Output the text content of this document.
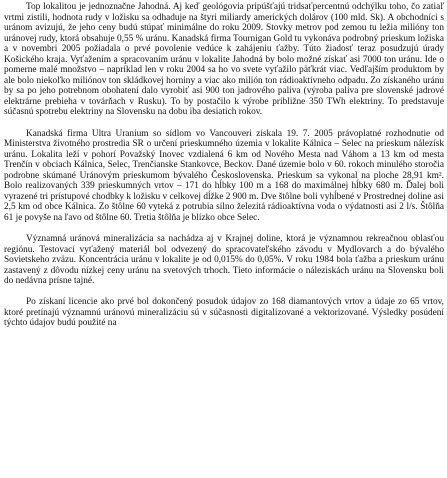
Top lokalitou je jednoznačne Jahodná. Aj keď geológovia pripúšťajú tridsaťpercentnú odchýlku toho, čo zatiaľ vrtmi zistili, hodnota rudy v ložisku sa odhaduje na štyri miliardy amerických dolárov (100 mld. Sk). A obchodníci s uránom avizujú, že jeho ceny budú stúpať minimálne do roku 2009. Stovky metrov pod zemou tu ležia milióny ton uránovej rudy, ktorá obsahuje 0,55 % uránu. Kanadská firma Tournigan Gold tu vykonáva podrobný prieskum ložiska a v novembri 2005 požiadala o prvé povolenie vedúce k zahájeniu ťažby. Túto žiadosť teraz posudzujú úrady Košického kraja. Vyťažením a spracovaním uránu v lokalite Jahodná by bolo možné získať asi 7000 ton uránu. Ide o pomerne malé množstvo – napríklad len v roku 2004 sa ho vo svete vyťažilo päťkrát viac. Vedľajším produktom by ale bolo niekoľko miliónov ton skládkovej horniny a viac ako milión ton rádioaktívneho odpadu. Zo získaného uránu by sa po jeho potrebnom obohatení dalo vyrobiť asi 900 ton jadrového paliva (výroba paliva pre slovenské jadrové elektrárne prebieha v továrňach v Rusku). To by postačilo k výrobe približne 350 TWh elektriny. To predstavuje súčasnú spotrebu elektriny na Slovensku na dobu iba desiatich rokov.

Kanadská firma Ultra Uranium so sídlom vo Vancouveri získala 19. 7. 2005 právoplatné rozhodnutie od Ministerstva životného prostredia SR o určení prieskumného územia v lokalite Kálnica – Selec na prieskum nálezísk uránu. Lokalita leží v pohorí Považský Inovec vzdialená 6 km od Nového Mesta nad Váhom a 13 km od mesta Trenčín v obciach Kálnica, Selec, Trenčianske Stankovce, Beckov. Dané územie bolo v 60. rokoch minulého storočia podrobne skúmané Uránovým prieskumom bývalého Československa. Prieskum sa vykonal na ploche 28,91 km². Bolo realizovaných 339 prieskumných vrtov – 171 do hĺbky 100 m a 168 do maximálnej hĺbky 680 m. Ďalej boli vyrazené tri prístupové chodbky k ložisku v celkovej dĺžke 2 900 m. Dve štôlne boli vyhĺbené v Prostrednej doline asi 2,5 km od obce Kálnica. Zo štôlne 60 vyteká z potrubia silno železitá rádioaktívna voda o výdatnosti asi 2 l/s. Štôlňa 61 je povyše na ľavo od štôlne 60. Tretia štôlňa je blízko obce Selec.

Významná uránová mineralizácia sa nachádza aj v Krajnej doline, ktorá je významnou rekreačnou oblasťou regiónu. Testovací vyťažený materiál bol odvezený do spracovateľského závodu v Mydlovarch a do bývalého Sovietskeho zväzu. Koncentrácia uránu v lokalite je od 0,015% do 0,05%. V roku 1984 bola ťažba a prieskum uránu zastavený z dôvodu nízkej ceny uránu na svetových trhoch. Tieto informácie o náleziskách uránu na Slovensku boli do nedávna prísne tajné.

Po získaní licencie ako prvé bol dokončený posudok údajov zo 168 diamantových vrtov a údaje zo 65 vrtov, ktoré pretínajú významnú uránovú mineralizáciu sú v súčasnosti digitalizované a vektorizované. Výsledky posúdení týchto údajov budú použité na
